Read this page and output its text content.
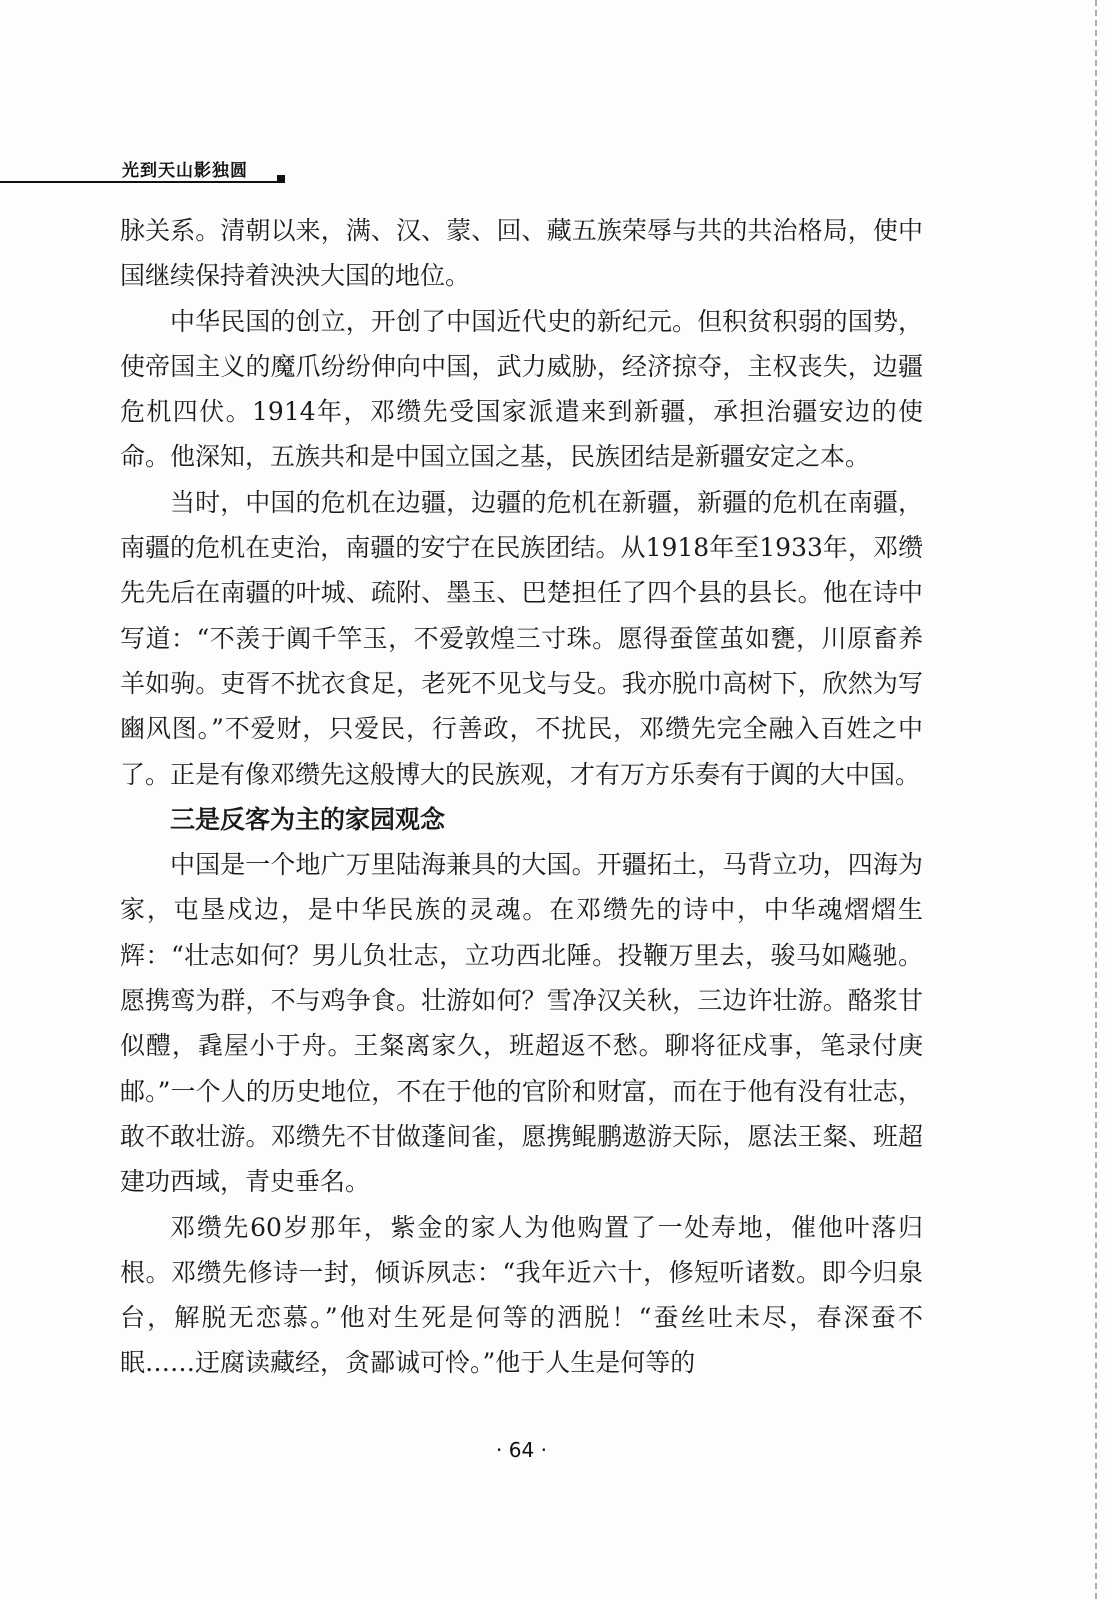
光到天山影独圆

脉关系。清朝以来，满、汉、蒙、回、藏五族荣辱与共的共治格局，使中国继续保持着泱泱大国的地位。

中华民国的创立，开创了中国近代史的新纪元。但积贫积弱的国势，使帝国主义的魔爪纷纷伸向中国，武力威胁，经济掠夺，主权丧失，边疆危机四伏。1914年，邓缵先受国家派遣来到新疆，承担治疆安边的使命。他深知，五族共和是中国立国之基，民族团结是新疆安定之本。

当时，中国的危机在边疆，边疆的危机在新疆，新疆的危机在南疆，南疆的危机在吏治，南疆的安宁在民族团结。从1918年至1933年，邓缵先先后在南疆的叶城、疏附、墨玉、巴楚担任了四个县的县长。他在诗中写道：“不羡于阗千竿玉，不爱敦煌三寸珠。愿得蚕筐茧如甕，川原畜养羊如驹。吏胥不扰衣食足，老死不见戈与殳。我亦脱巾高树下，欣然为写豳风图。”不爱财，只爱民，行善政，不扰民，邓缵先完全融入百姓之中了。正是有像邓缵先这般博大的民族观，才有万方乐奏有于阗的大中国。

三是反客为主的家园观念

中国是一个地广万里陆海兼具的大国。开疆拓土，马背立功，四海为家，屯垦戍边，是中华民族的灵魂。在邓缵先的诗中，中华魂熠熠生辉：“壮志如何？男儿负壮志，立功西北陲。投鞭万里去，骏马如飚驰。愿携鸾为群，不与鸡争食。壮游如何？雪净汉关秋，三边许壮游。酪浆甘似醴，毳屋小于舟。王粲离家久，班超返不愁。聊将征戍事，笔录付庚邮。”一个人的历史地位，不在于他的官阶和财富，而在于他有没有壮志，敢不敢壮游。邓缵先不甘做蓬间雀，愿携鲲鹏遨游天际，愿法王粲、班超建功西域，青史垂名。

邓缵先60岁那年，紫金的家人为他购置了一处寿地，催他叶落归根。邓缵先修诗一封，倾诉夙志：“我年近六十，修短听诸数。即今归泉台，解脱无恋慕。”他对生死是何等的洒脱！“蚕丝吐未尽，春深蚕不眠……迂腐读藏经，贪鄙诚可怜。”他于人生是何等的

· 64 ·
